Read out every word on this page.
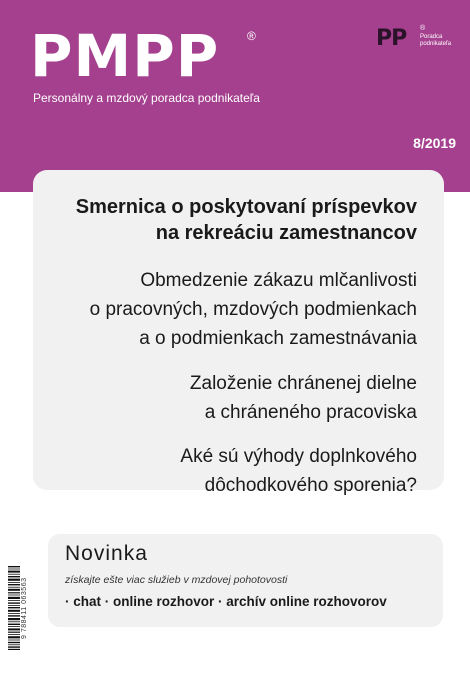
PMPP ®
Personálny a mzdový poradca podnikateľa
8/2019
PP ®
Poradca podnikateľa
Smernica o poskytovaní príspevkov
na rekreáciu zamestnancov
Obmedzenie zákazu mlčanlivosti
o pracovných, mzdových podmienkach
a o podmienkach zamestnávania
Založenie chránenej dielne
a chráneného pracoviska
Aké sú výhody doplnkového
dôchodkového sporenia?
Novinka
získajte ešte viac služieb v mzdovej pohotovosti
· chat · online rozhovor · archív online rozhovorov
9 788411 063563
